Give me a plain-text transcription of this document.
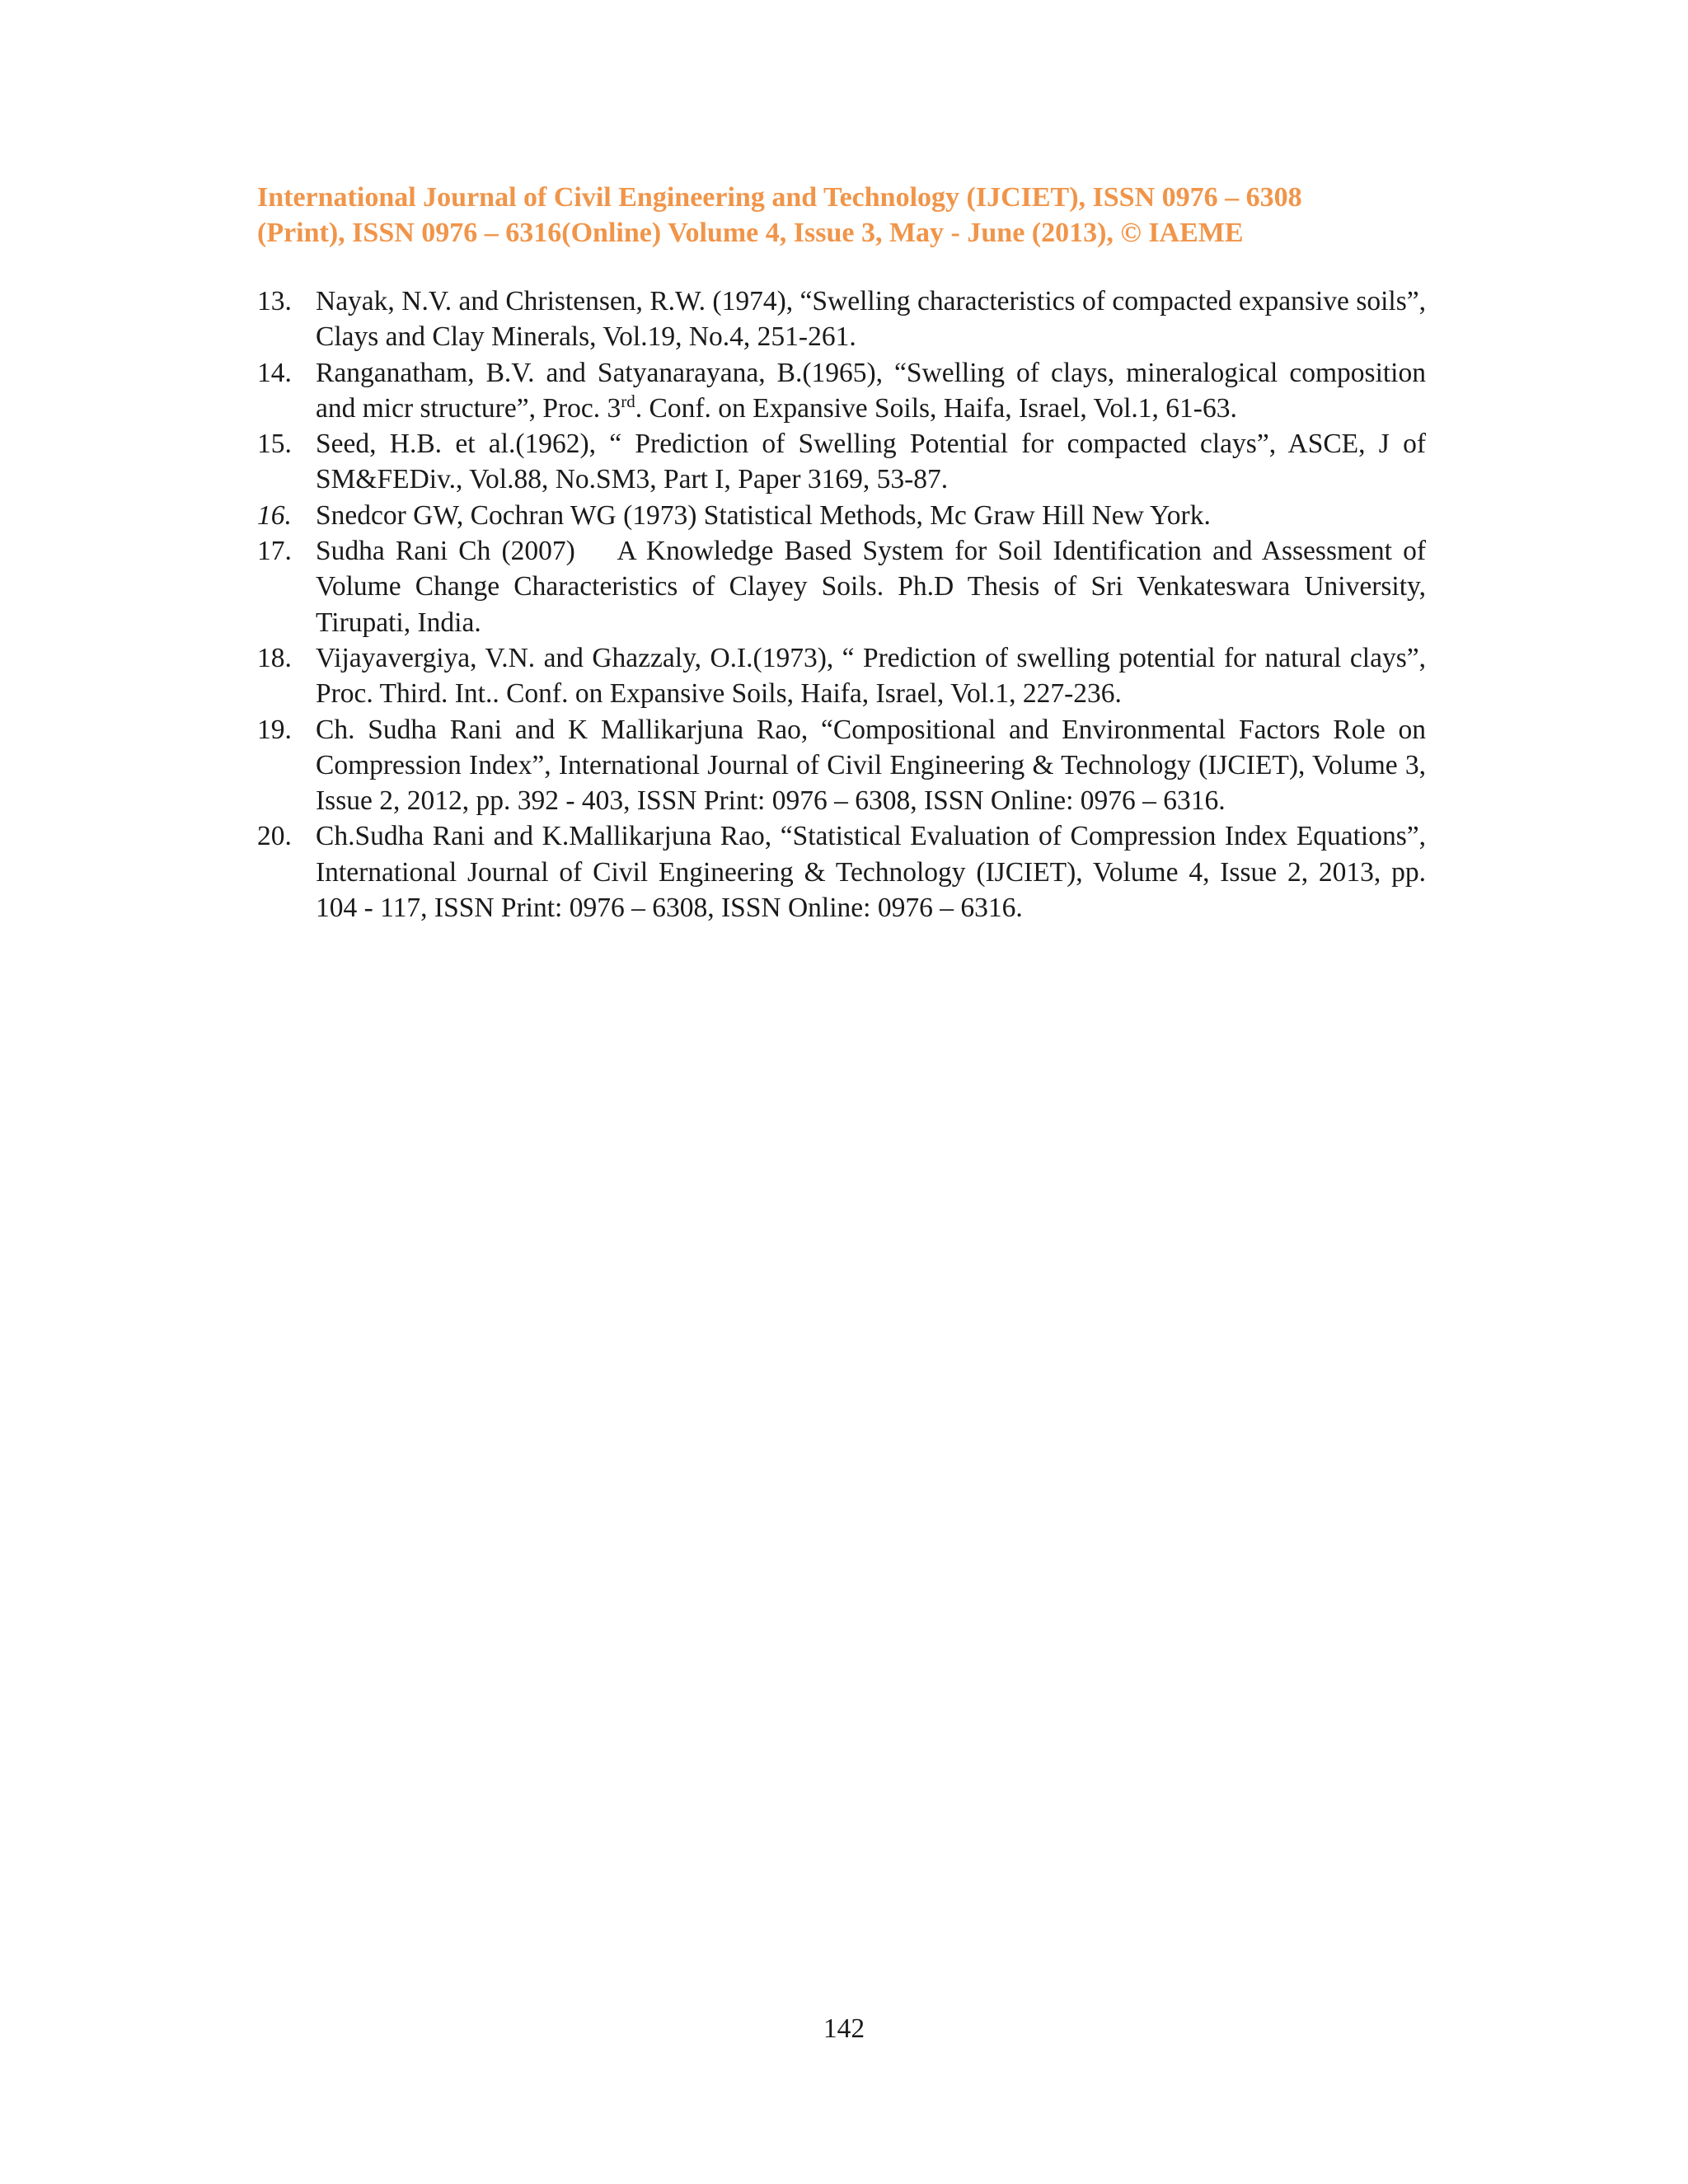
International Journal of Civil Engineering and Technology (IJCIET), ISSN 0976 – 6308
(Print), ISSN 0976 – 6316(Online) Volume 4, Issue 3, May - June (2013), © IAEME
13. Nayak, N.V. and Christensen, R.W. (1974), “Swelling characteristics of compacted expansive soils”, Clays and Clay Minerals, Vol.19, No.4, 251-261.
14. Ranganatham, B.V. and Satyanarayana, B.(1965), “Swelling of clays, mineralogical composition and micr structure”, Proc. 3rd. Conf. on Expansive Soils, Haifa, Israel, Vol.1, 61-63.
15. Seed, H.B. et al.(1962), “ Prediction of Swelling Potential for compacted clays”, ASCE, J of SM&FEDiv., Vol.88, No.SM3, Part I, Paper 3169, 53-87.
16. Snedcor GW, Cochran WG (1973) Statistical Methods, Mc Graw Hill New York.
17. Sudha Rani Ch (2007)    A Knowledge Based System for Soil Identification and Assessment of Volume Change Characteristics of Clayey Soils. Ph.D Thesis of Sri Venkateswara University, Tirupati, India.
18. Vijayavergiya, V.N. and Ghazzaly, O.I.(1973), “ Prediction of swelling potential for natural clays”, Proc. Third. Int.. Conf. on Expansive Soils, Haifa, Israel, Vol.1, 227-236.
19. Ch. Sudha Rani and K Mallikarjuna Rao, “Compositional and Environmental Factors Role on Compression Index”, International Journal of Civil Engineering & Technology (IJCIET), Volume 3, Issue 2, 2012, pp. 392 - 403, ISSN Print: 0976 – 6308, ISSN Online: 0976 – 6316.
20. Ch.Sudha Rani and K.Mallikarjuna Rao, “Statistical Evaluation of Compression Index Equations”, International Journal of Civil Engineering & Technology (IJCIET), Volume 4, Issue 2, 2013, pp. 104 - 117, ISSN Print: 0976 – 6308, ISSN Online: 0976 – 6316.
142
